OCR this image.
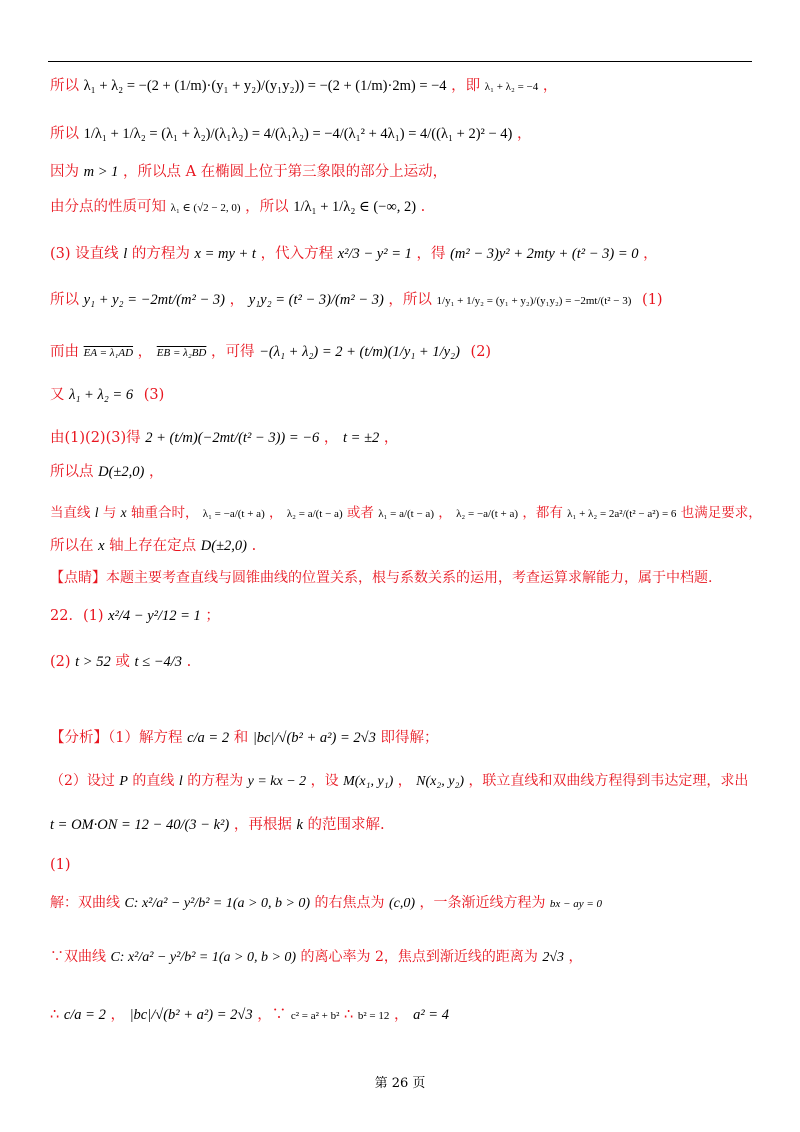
所以 λ₁ + λ₂ = −(2 + (1/m)·(y₁ + y₂)/(y₁y₂)) = −(2 + (1/m)·2m) = −4 ，即 λ₁ + λ₂ = −4 ，
所以 1/λ₁ + 1/λ₂ = (λ₁ + λ₂)/(λ₁λ₂) = 4/(λ₁λ₂) = −4/(λ₁² + 4λ₁) = 4/((λ₁ + 2)² − 4) ，
因为 m > 1 ，所以点 A 在椭圆上位于第三象限的部分上运动，
由分点的性质可知 λ₁ ∈ (√2 − 2, 0) ，所以 1/λ₁ + 1/λ₂ ∈ (−∞, 2) .
(3) 设直线 l 的方程为 x = my + t ，代入方程 x²/3 − y² = 1 ，得 (m² − 3)y² + 2mty + (t² − 3) = 0 ，
所以 y₁ + y₂ = −2mt/(m² − 3) ， y₁y₂ = (t² − 3)/(m² − 3) ，所以 1/y₁ + 1/y₂ = (y₁ + y₂)/(y₁y₂) = −2mt/(t² − 3) (1)
而由 EA = λ₁AD ， EB = λ₂BD ，可得 −(λ₁ + λ₂) = 2 + (t/m)(1/y₁ + 1/y₂) (2)
又 λ₁ + λ₂ = 6 (3)
由(1)(2)(3)得 2 + (t/m)(−2mt/(t² − 3)) = −6 ， t = ±2 ，
所以点 D(±2,0) ，
当直线 l 与 x 轴重合时， λ₁ = −a/(t + a) ， λ₂ = a/(t − a) 或者 λ₁ = a/(t − a) ， λ₂ = −a/(t + a) ，都有 λ₁ + λ₂ = 2a²/(t² − a²) = 6 也满足要求，
所以在 x 轴上存在定点 D(±2,0) .
【点睛】本题主要考查直线与圆锥曲线的位置关系，根与系数关系的运用，考查运算求解能力，属于中档题.
22．(1) x²/4 − y²/12 = 1 ；
(2) t > 52 或 t ≤ −4/3 .
【分析】（1）解方程 c/a = 2 和 |bc|/√(b² + a²) = 2√3 即得解；
（2）设过 P 的直线 l 的方程为 y = kx − 2 ，设 M(x₁, y₁) ， N(x₂, y₂) ，联立直线和双曲线方程得到韦达定理，求出
t = OM·ON = 12 − 40/(3 − k²) ，再根据 k 的范围求解.
(1)
解：双曲线 C: x²/a² − y²/b² = 1(a > 0, b > 0) 的右焦点为 (c,0) ，一条渐近线方程为 bx − ay = 0
∵双曲线 C: x²/a² − y²/b² = 1(a > 0, b > 0) 的离心率为 2，焦点到渐近线的距离为 2√3 ，
∴ c/a = 2 ， |bc|/√(b² + a²) = 2√3 ，∵ c² = a² + b² ∴ b² = 12 ， a² = 4
第 26 页
